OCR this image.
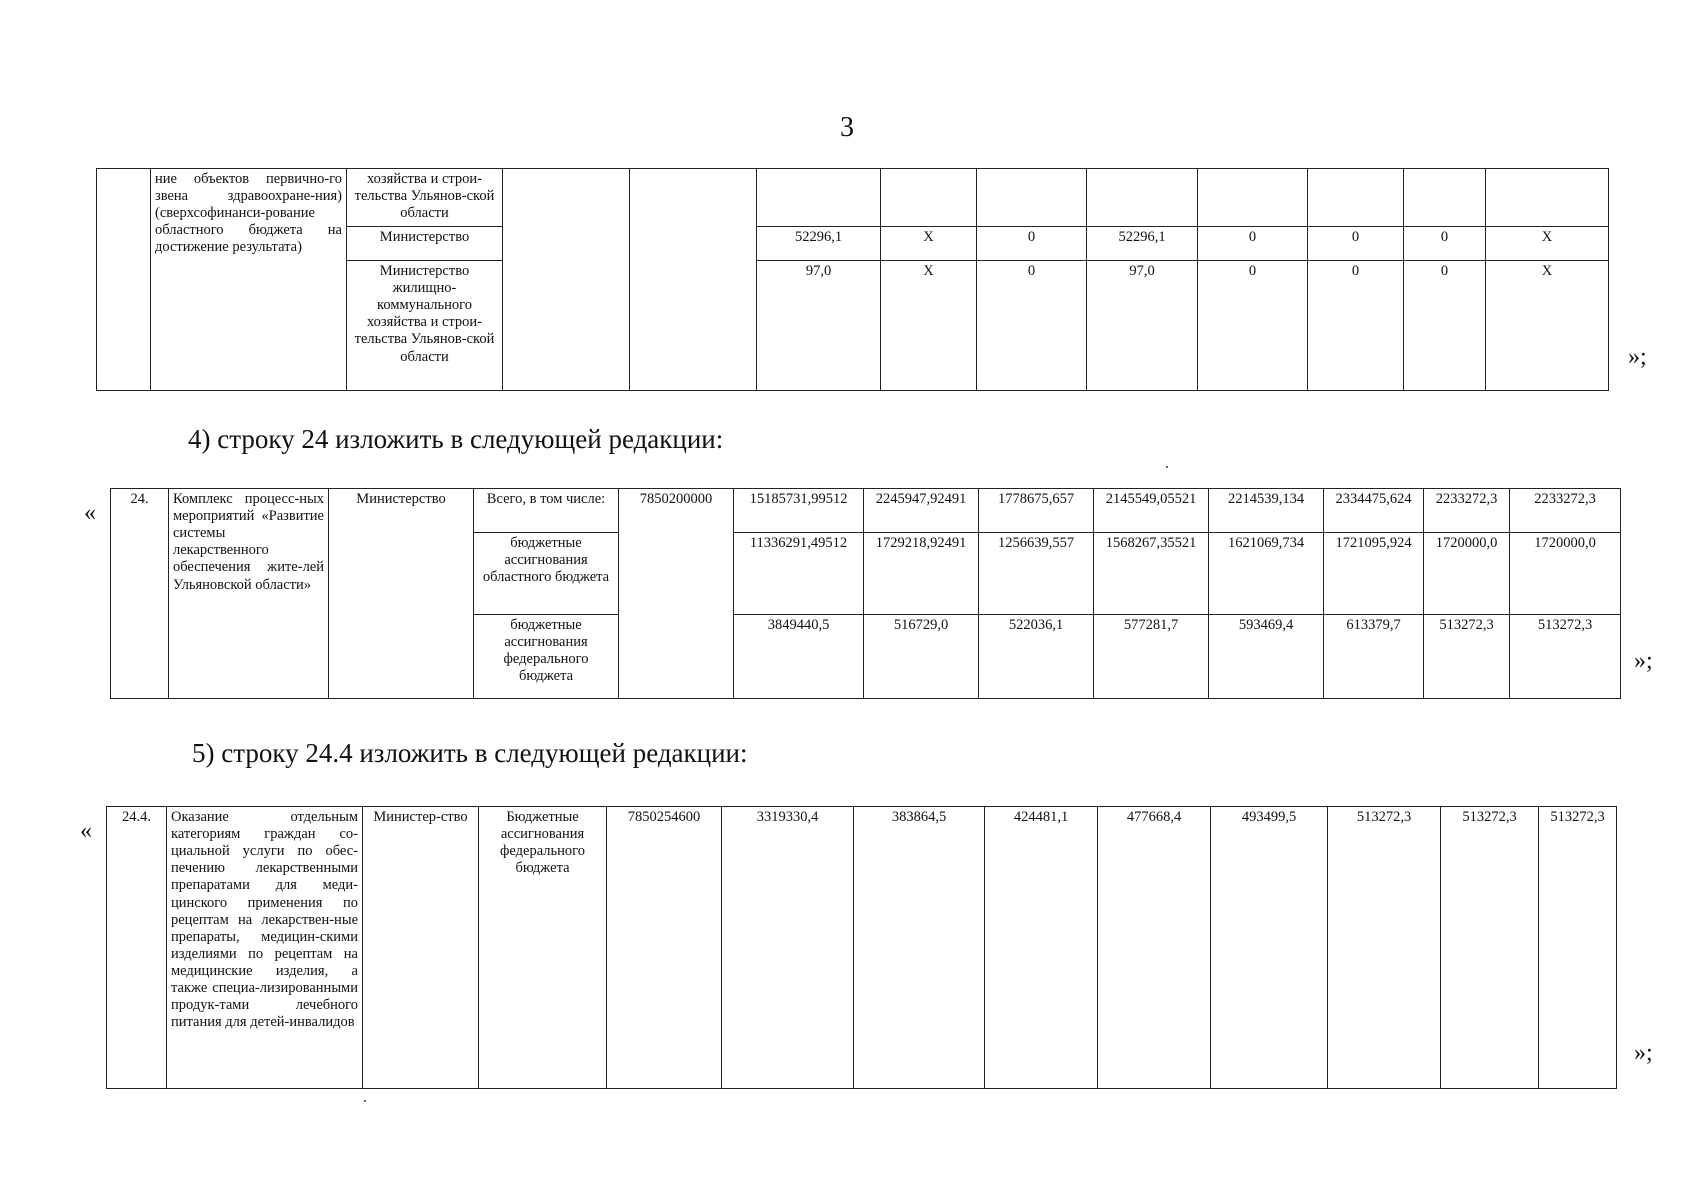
3
	ние объектов первично-го звена здравоохране-ния) (сверхсофинанси-рование областного бюджета на достижение результата)	хозяйства и строи-тельства Ульянов-ской области										
		Министерство			52296,1	X	0	52296,1	0	0	0	X
		Министерство жилищно-коммунального хозяйства и строи-тельства Ульянов-ской области			97,0	X	0	97,0	0	0	0	X
»;
4) строку 24 изложить в следующей редакции:
«
24.	Комплекс процесс-ных мероприятий «Развитие системы лекарственного обеспечения жите-лей Ульяновской области»	Министерство	Всего, в том числе:	7850200000	15185731,99512	2245947,92491	1778675,657	2145549,05521	2214539,134	2334475,624	2233272,3	2233272,3
			бюджетные ассигнования областного бюджета		11336291,49512	1729218,92491	1256639,557	1568267,35521	1621069,734	1721095,924	1720000,0	1720000,0
			бюджетные ассигнования федерального бюджета		3849440,5	516729,0	522036,1	577281,7	593469,4	613379,7	513272,3	513272,3
»;
5) строку 24.4 изложить в следующей редакции:
«
24.4.	Оказание отдельным категориям граждан со-циальной услуги по обес-печению лекарственными препаратами для меди-цинского применения по рецептам на лекарствен-ные препараты, медицин-скими изделиями по рецептам на медицинские изделия, а также специа-лизированными продук-тами лечебного питания для детей-инвалидов	Министер-ство	Бюджетные ассигнования федерального бюджета	7850254600	3319330,4	383864,5	424481,1	477668,4	493499,5	513272,3	513272,3	513272,3
»;
